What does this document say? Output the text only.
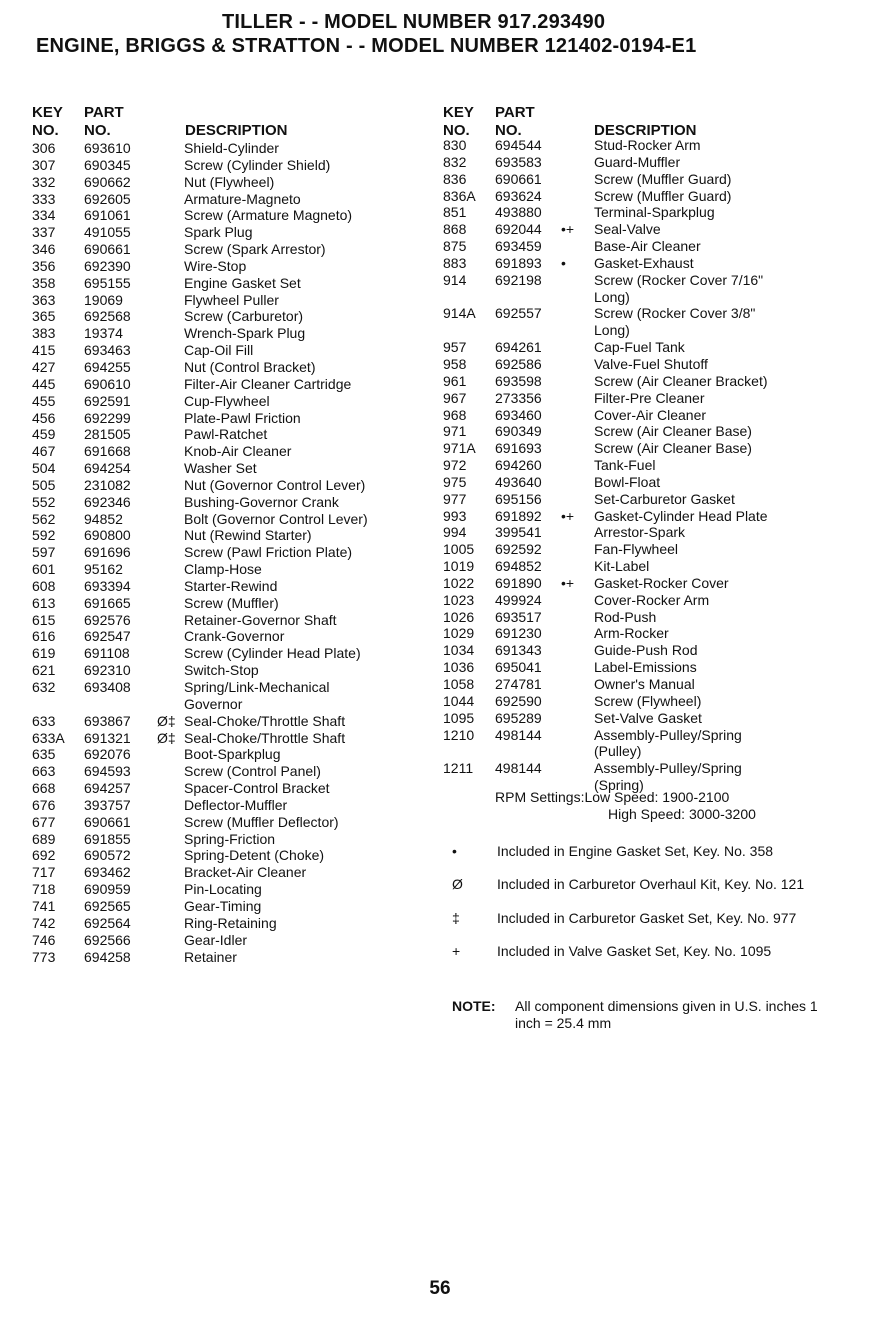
TILLER - - MODEL NUMBER 917.293490
ENGINE, BRIGGS & STRATTON - - MODEL NUMBER 121402-0194-E1
KEY
NO.
PART
NO.	DESCRIPTION
KEY
NO.
PART
NO.	DESCRIPTION
306 693610	Shield-Cylinder
307 690345	Screw (Cylinder Shield)
332 690662	Nut (Flywheel)
333 692605	Armature-Magneto
334 691061	Screw (Armature Magneto)
337 491055	Spark Plug
346 690661	Screw (Spark Arrestor)
356 692390	Wire-Stop
358 695155	Engine Gasket Set
363 19069	Flywheel Puller
365 692568	Screw (Carburetor)
383 19374	Wrench-Spark Plug
415 693463	Cap-Oil Fill
427 694255	Nut (Control Bracket)
445 690610	Filter-Air Cleaner Cartridge
455 692591	Cup-Flywheel
456 692299	Plate-Pawl Friction
459 281505	Pawl-Ratchet
467 691668	Knob-Air Cleaner
504 694254	Washer Set
505 231082	Nut (Governor Control Lever)
552 692346	Bushing-Governor Crank
562 94852	Bolt (Governor Control Lever)
592 690800	Nut (Rewind Starter)
597 691696	Screw (Pawl Friction Plate)
601 95162	Clamp-Hose
608 693394	Starter-Rewind
613 691665	Screw (Muffler)
615 692576	Retainer-Governor Shaft
616 692547	Crank-Governor
619 691108	Screw (Cylinder Head Plate)
621 692310	Switch-Stop
632 693408	Spring/Link-Mechanical
Governor
633 693867 Ø‡ Seal-Choke/Throttle Shaft
633A 691321 Ø‡ Seal-Choke/Throttle Shaft
635 692076	Boot-Sparkplug
663 694593	Screw (Control Panel)
668 694257	Spacer-Control Bracket
676 393757	Deflector-Muffler
677 690661	Screw (Muffler Deflector)
689 691855	Spring-Friction
692 690572	Spring-Detent (Choke)
717 693462	Bracket-Air Cleaner
718 690959	Pin-Locating
741 692565	Gear-Timing
742 692564	Ring-Retaining
746 692566	Gear-Idler
773 694258	Retainer
830 694544	Stud-Rocker Arm
832 693583	Guard-Muffler
836 690661	Screw (Muffler Guard)
836A 693624	Screw (Muffler Guard)
851 493880	Terminal-Sparkplug
868 692044 •+ Seal-Valve
875 693459	Base-Air Cleaner
883 691893 • Gasket-Exhaust
914 692198	Screw (Rocker Cover 7/16"
Long)
914A 692557	Screw (Rocker Cover 3/8"
Long)
957 694261	Cap-Fuel Tank
958 692586	Valve-Fuel Shutoff
961 693598	Screw (Air Cleaner Bracket)
967 273356	Filter-Pre Cleaner
968 693460	Cover-Air Cleaner
971 690349	Screw (Air Cleaner Base)
971A 691693	Screw (Air Cleaner Base)
972 694260	Tank-Fuel
975 493640	Bowl-Float
977 695156	Set-Carburetor Gasket
993 691892 •+ Gasket-Cylinder Head Plate
994 399541	Arrestor-Spark
1005 692592	Fan-Flywheel
1019 694852	Kit-Label
1022 691890 •+ Gasket-Rocker Cover
1023 499924	Cover-Rocker Arm
1026 693517	Rod-Push
1029 691230	Arm-Rocker
1034 691343	Guide-Push Rod
1036 695041	Label-Emissions
1058 274781	Owner's Manual
1044 692590	Screw (Flywheel)
1095 695289	Set-Valve Gasket
1210 498144	Assembly-Pulley/Spring
(Pulley)
1211 498144	Assembly-Pulley/Spring
(Spring)
RPM Settings:Low Speed: 1900-2100
High Speed: 3000-3200
•	Included in Engine Gasket Set, Key. No. 358
Ø	Included in Carburetor Overhaul Kit, Key. No. 121
‡	Included in Carburetor Gasket Set, Key. No. 977
+	Included in Valve Gasket Set, Key. No. 1095
NOTE: All component dimensions given in U.S. inches 1 inch = 25.4 mm
56
